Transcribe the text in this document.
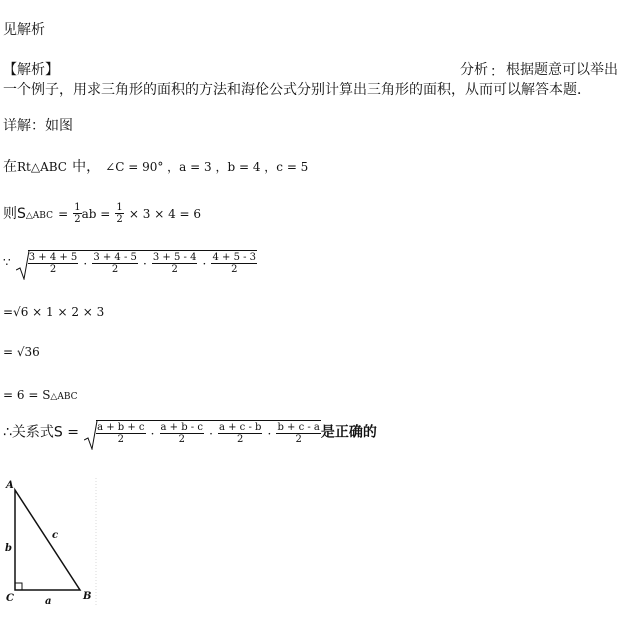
见解析
【解析】	分析 ： 根据题意可以举出
一个例子，用求三角形的面积的方法和海伦公式分别计算出三角形的面积，从而可以解答本题．
详解：如图
在Rt△ABC 中， ∠C = 90° ，a = 3 ，b = 4 ，c = 5
则S△ABC = $\frac{1}{2}$ ab = $\frac{1}{2} \times 3 \times 4 = 6$
∵ $\frac{3 + 4 + 5}{2} \cdot \frac{3 + 4 - 5}{2} \cdot \frac{3 + 5 - 4}{2} \cdot \frac{4 + 5 - 3}{2}$
=√6 × 1 × 2 × 3
= √36
= 6 = S△ABC
∴关系式$S = \frac{a + b + c}{2} \cdot \frac{a + b - c}{2} \cdot \frac{a + c - b}{2} \cdot \frac{b + c - a}{2}$ 是正确的
A
C	B
b
a
c
